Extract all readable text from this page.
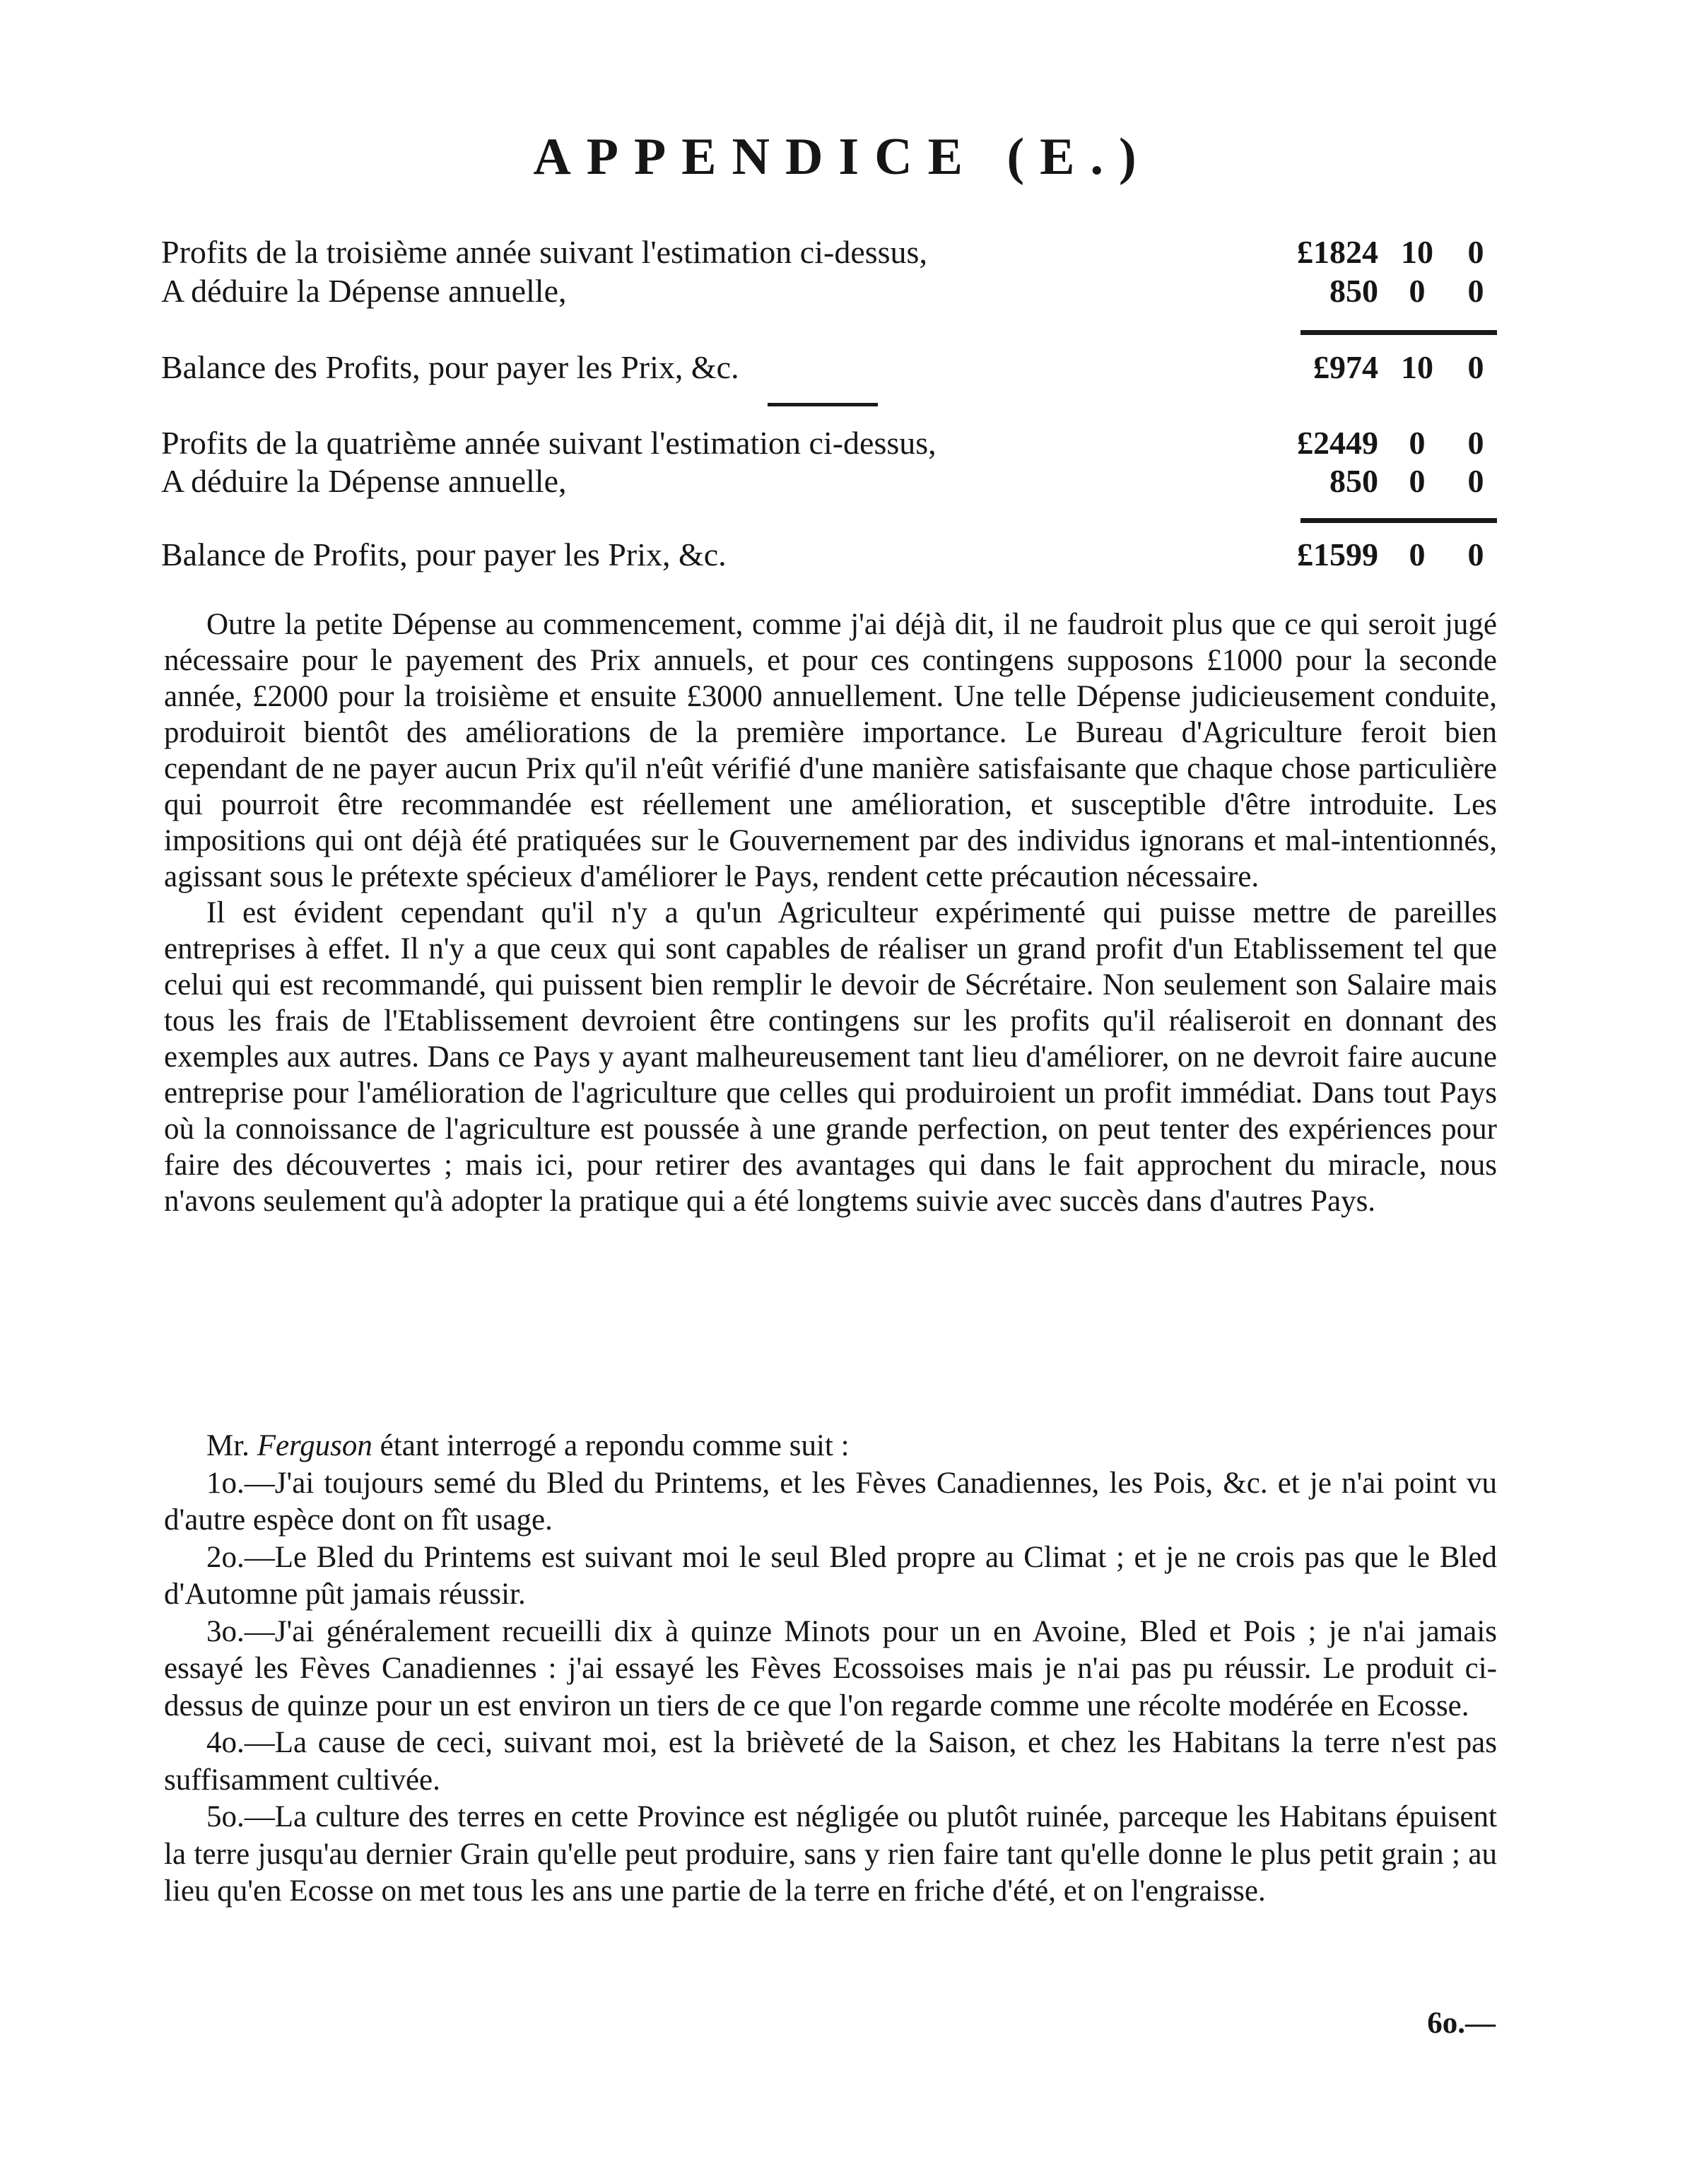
APPENDICE (E.)
Profits de la troisième année suivant l'estimation ci-dessus,	£1824 10	0
A déduire la Dépense annuelle,	850 0	0
Balance des Profits, pour payer les Prix, &c.	£974 10	0
Profits de la quatrième année suivant l'estimation ci-dessus,	£2449 0	0
A déduire la Dépense annuelle,	850 0	0
Balance de Profits, pour payer les Prix, &c.	£1599 0	0

Outre la petite Dépense au commencement, comme j'ai déjà dit, il ne faudroit plus que ce qui seroit jugé nécessaire pour le payement des Prix annuels, et pour ces contingens supposons £1000 pour la seconde année, £2000 pour la troisième et ensuite £3000 annuellement. Une telle Dépense judicieusement conduite, produiroit bientôt des améliorations de la première importance. Le Bureau d'Agriculture feroit bien cependant de ne payer aucun Prix qu'il n'eût vérifié d'une manière satisfaisante que chaque chose particulière qui pourroit être recommandée est réellement une amélioration, et susceptible d'être introduite. Les impositions qui ont déjà été pratiquées sur le Gouvernement par des individus ignorans et mal-intentionnés, agissant sous le prétexte spécieux d'améliorer le Pays, rendent cette précaution nécessaire.

Il est évident cependant qu'il n'y a qu'un Agriculteur expérimenté qui puisse mettre de pareilles entreprises à effet. Il n'y a que ceux qui sont capables de réaliser un grand profit d'un Etablissement tel que celui qui est recommandé, qui puissent bien remplir le devoir de Sécrétaire. Non seulement son Salaire mais tous les frais de l'Etablissement devroient être contingens sur les profits qu'il réaliseroit en donnant des exemples aux autres. Dans ce Pays y ayant malheureusement tant lieu d'améliorer, on ne devroit faire aucune entreprise pour l'amélioration de l'agriculture que celles qui produiroient un profit immédiat. Dans tout Pays où la connoissance de l'agriculture est poussée à une grande perfection, on peut tenter des expériences pour faire des découvertes ; mais ici, pour retirer des avantages qui dans le fait approchent du miracle, nous n'avons seulement qu'à adopter la pratique qui a été longtems suivie avec succès dans d'autres Pays.

Mr. Ferguson étant interrogé a repondu comme suit :

1o.—J'ai toujours semé du Bled du Printems, et les Fèves Canadiennes, les Pois, &c. et je n'ai point vu d'autre espèce dont on fît usage.

2o.—Le Bled du Printems est suivant moi le seul Bled propre au Climat ; et je ne crois pas que le Bled d'Automne pût jamais réussir.

3o.—J'ai généralement recueilli dix à quinze Minots pour un en Avoine, Bled et Pois ; je n'ai jamais essayé les Fèves Canadiennes : j'ai essayé les Fèves Ecossoises mais je n'ai pas pu réussir. Le produit ci-dessus de quinze pour un est environ un tiers de ce que l'on regarde comme une récolte modérée en Ecosse.

4o.—La cause de ceci, suivant moi, est la brièveté de la Saison, et chez les Habitans la terre n'est pas suffisamment cultivée.

5o.—La culture des terres en cette Province est négligée ou plutôt ruinée, parceque les Habitans épuisent la terre jusqu'au dernier Grain qu'elle peut produire, sans y rien faire tant qu'elle donne le plus petit grain ; au lieu qu'en Ecosse on met tous les ans une partie de la terre en friche d'été, et on l'engraisse.

6o.—
